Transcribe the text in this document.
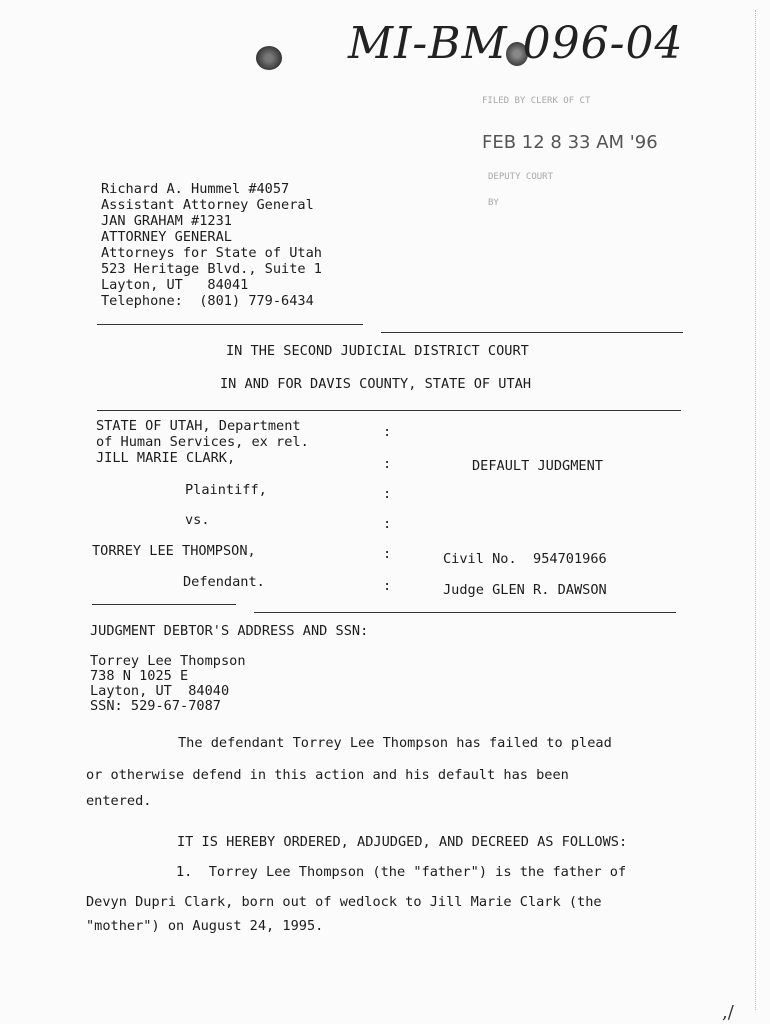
MI-BM 096-04
FILED BY CLERK OF CT
FEB 12 8 33 AM '96
DEPUTY COURT
BY
Richard A. Hummel #4057
Assistant Attorney General
JAN GRAHAM #1231
ATTORNEY GENERAL
Attorneys for State of Utah
523 Heritage Blvd., Suite 1
Layton, UT   84041
Telephone:  (801) 779-6434
IN THE SECOND JUDICIAL DISTRICT COURT
IN AND FOR DAVIS COUNTY, STATE OF UTAH
STATE OF UTAH, Department
of Human Services, ex rel.
JILL MARIE CLARK,
Plaintiff,
vs.
TORREY LEE THOMPSON,
Defendant.
:
:
:
:
:
:
DEFAULT JUDGMENT
Civil No.  954701966
Judge GLEN R. DAWSON
JUDGMENT DEBTOR'S ADDRESS AND SSN:
Torrey Lee Thompson
738 N 1025 E
Layton, UT  84040
SSN: 529-67-7087
The defendant Torrey Lee Thompson has failed to plead
or otherwise defend in this action and his default has been
entered.
IT IS HEREBY ORDERED, ADJUDGED, AND DECREED AS FOLLOWS:
1.  Torrey Lee Thompson (the "father") is the father of
Devyn Dupri Clark, born out of wedlock to Jill Marie Clark (the
"mother") on August 24, 1995.
,/
